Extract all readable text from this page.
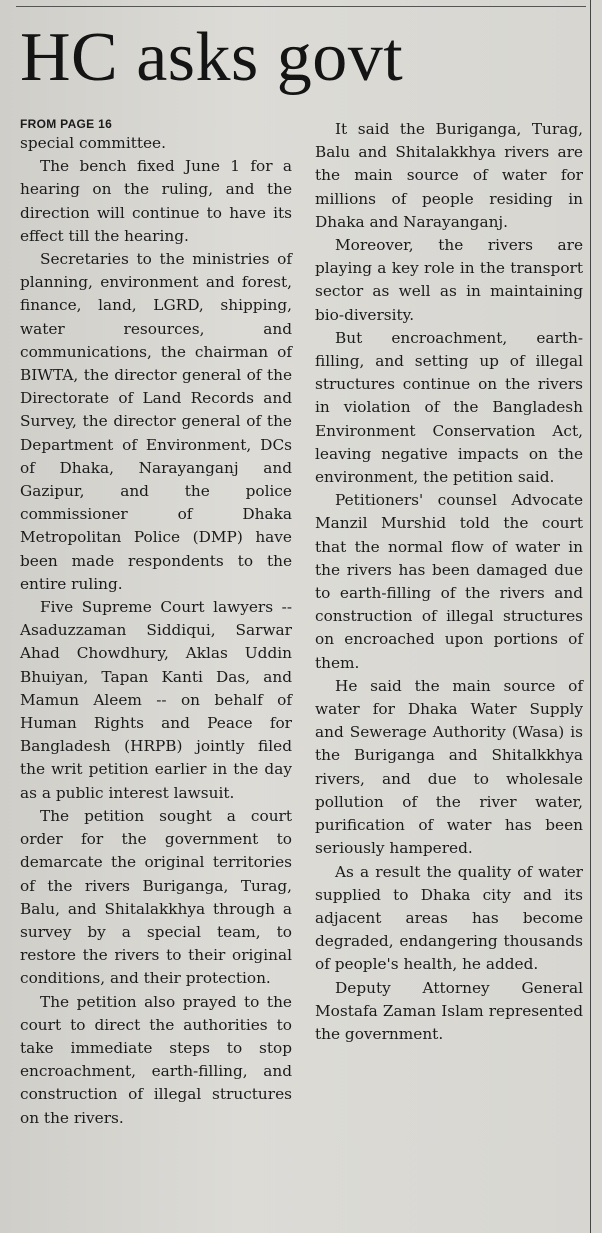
HC asks govt
FROM PAGE 16

special committee.

The bench fixed June 1 for a hearing on the ruling, and the direction will continue to have its effect till the hearing.

Secretaries to the ministries of planning, environment and forest, finance, land, LGRD, shipping, water resources, and communications, the chairman of BIWTA, the director general of the Directorate of Land Records and Survey, the director general of the Department of Environment, DCs of Dhaka, Narayanganj and Gazipur, and the police commissioner of Dhaka Metropolitan Police (DMP) have been made respondents to the entire ruling.

Five Supreme Court lawyers -- Asaduzzaman Siddiqui, Sarwar Ahad Chowdhury, Aklas Uddin Bhuiyan, Tapan Kanti Das, and Mamun Aleem -- on behalf of Human Rights and Peace for Bangladesh (HRPB) jointly filed the writ petition earlier in the day as a public interest lawsuit.

The petition sought a court order for the government to demarcate the original territories of the rivers Buriganga, Turag, Balu, and Shitalakkhya through a survey by a special team, to restore the rivers to their original conditions, and their protection.

The petition also prayed to the court to direct the authorities to take immediate steps to stop encroachment, earth-filling, and construction of illegal structures on the rivers.

It said the Buriganga, Turag, Balu and Shitalakkhya rivers are the main source of water for millions of people residing in Dhaka and Narayanganj.

Moreover, the rivers are playing a key role in the transport sector as well as in maintaining bio-diversity.

But encroachment, earth-filling, and setting up of illegal structures continue on the rivers in violation of the Bangladesh Environment Conservation Act, leaving negative impacts on the environment, the petition said.

Petitioners' counsel Advocate Manzil Murshid told the court that the normal flow of water in the rivers has been damaged due to earth-filling of the rivers and construction of illegal structures on encroached upon portions of them.

He said the main source of water for Dhaka Water Supply and Sewerage Authority (Wasa) is the Buriganga and Shitalkkhya rivers, and due to wholesale pollution of the river water, purification of water has been seriously hampered.

As a result the quality of water supplied to Dhaka city and its adjacent areas has become degraded, endangering thousands of people's health, he added.

Deputy Attorney General Mostafa Zaman Islam represented the government.
